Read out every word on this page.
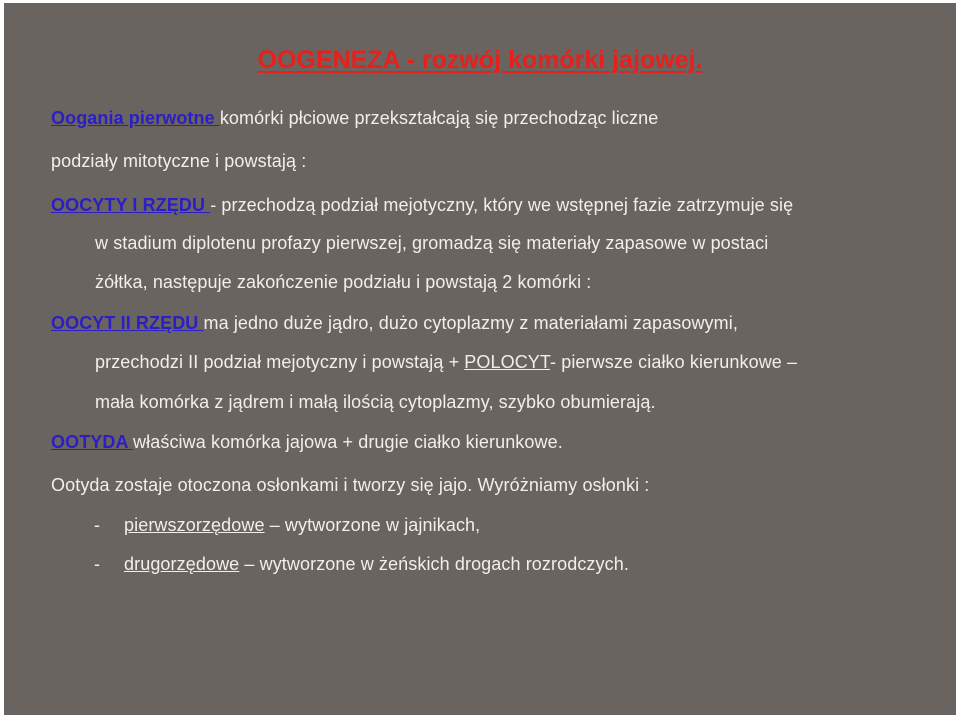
OOGENEZA - rozwój komórki jajowej.
Oogania pierwotne komórki płciowe przekształcają się przechodząc liczne
podziały mitotyczne i powstają :
OOCYTY I RZĘDU - przechodzą podział mejotyczny, który we wstępnej fazie zatrzymuje się
w stadium diplotenu profazy pierwszej, gromadzą się materiały zapasowe w postaci
żółtka, następuje zakończenie podziału i powstają 2 komórki :
OOCYT II RZĘDU ma jedno duże jądro, dużo cytoplazmy z materiałami zapasowymi,
przechodzi II podział mejotyczny i powstają + POLOCYT- pierwsze ciałko kierunkowe –
mała komórka z jądrem i małą ilością cytoplazmy, szybko obumierają.
OOTYDA właściwa komórka jajowa + drugie ciałko kierunkowe.
Ootyda zostaje otoczona osłonkami i tworzy się jajo. Wyróżniamy osłonki :
- pierwszorzędowe – wytworzone w jajnikach,
- drugorzędowe – wytworzone w żeńskich drogach rozrodczych.
